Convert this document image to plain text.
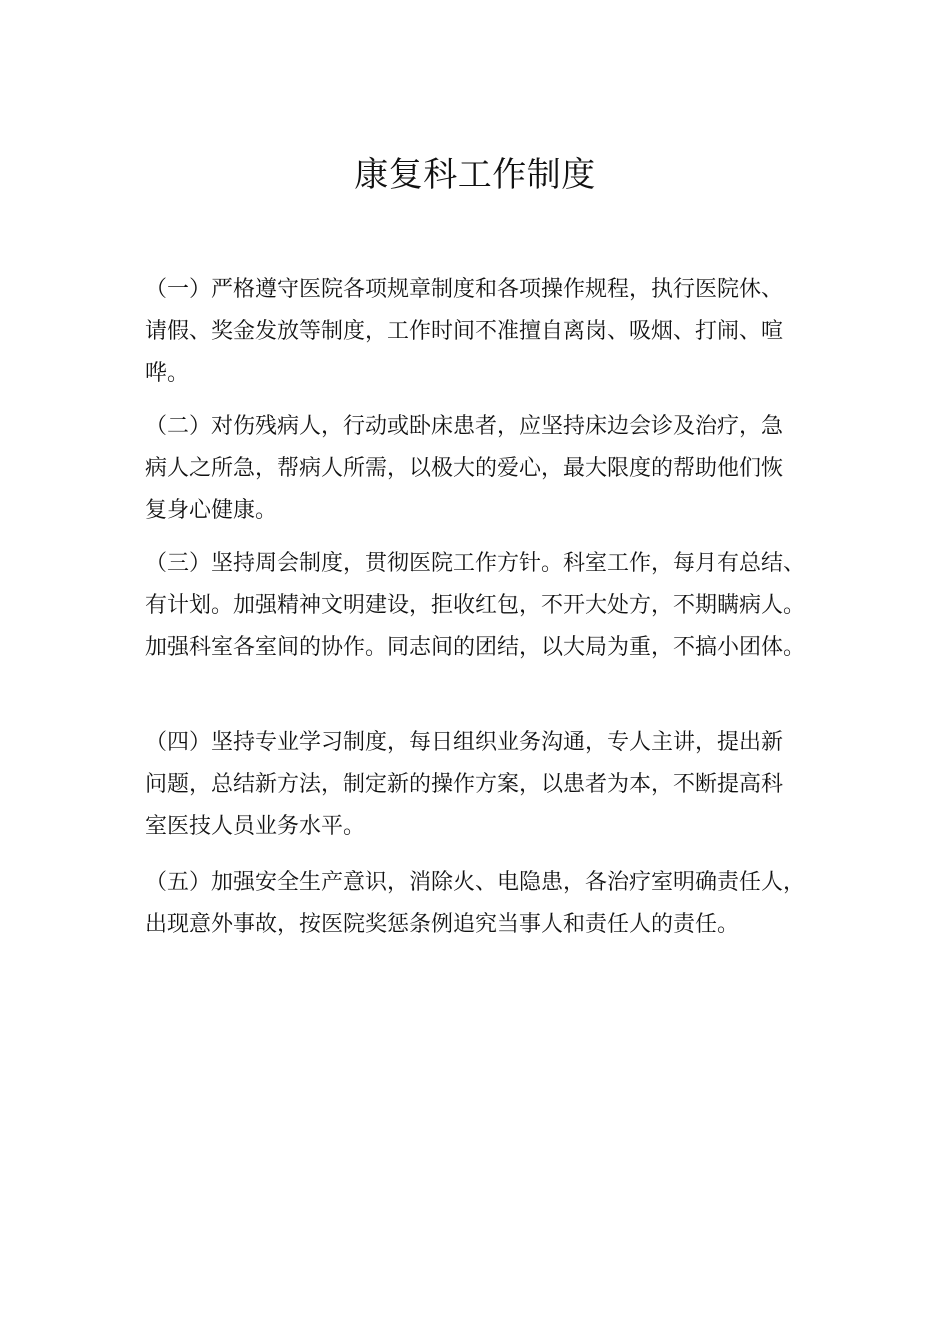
康复科工作制度
（一）严格遵守医院各项规章制度和各项操作规程，执行医院休、
请假、奖金发放等制度，工作时间不准擅自离岗、吸烟、打闹、喧
哗。
（二）对伤残病人，行动或卧床患者，应坚持床边会诊及治疗，急
病人之所急，帮病人所需，以极大的爱心，最大限度的帮助他们恢
复身心健康。
（三）坚持周会制度，贯彻医院工作方针。科室工作，每月有总结、
有计划。加强精神文明建设，拒收红包，不开大处方，不期瞒病人。
加强科室各室间的协作。同志间的团结，以大局为重，不搞小团体。
（四）坚持专业学习制度，每日组织业务沟通，专人主讲，提出新
问题，总结新方法，制定新的操作方案，以患者为本，不断提高科
室医技人员业务水平。
（五）加强安全生产意识，消除火、电隐患，各治疗室明确责任人，
出现意外事故，按医院奖惩条例追究当事人和责任人的责任。
